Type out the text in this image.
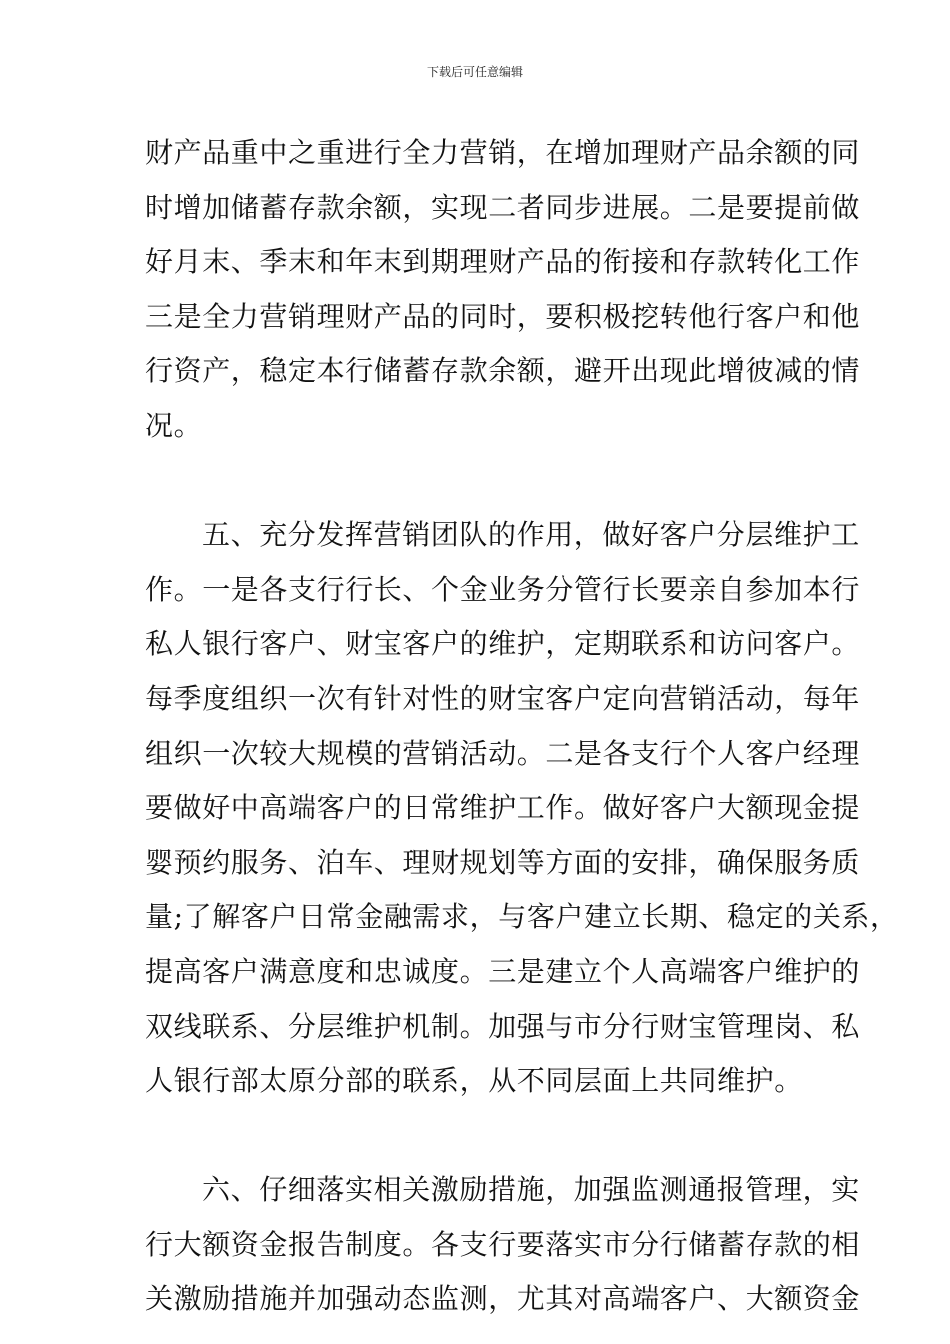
下载后可任意编辑
财产品重中之重进行全力营销，在增加理财产品余额的同
时增加储蓄存款余额，实现二者同步进展。二是要提前做
好月末、季末和年末到期理财产品的衔接和存款转化工作
三是全力营销理财产品的同时，要积极挖转他行客户和他
行资产，稳定本行储蓄存款余额，避开出现此增彼减的情
况。
五、充分发挥营销团队的作用，做好客户分层维护工
作。一是各支行行长、个金业务分管行长要亲自参加本行
私人银行客户、财宝客户的维护，定期联系和访问客户。
每季度组织一次有针对性的财宝客户定向营销活动，每年
组织一次较大规模的营销活动。二是各支行个人客户经理
要做好中高端客户的日常维护工作。做好客户大额现金提
婴预约服务、泊车、理财规划等方面的安排，确保服务质
量;了解客户日常金融需求，与客户建立长期、稳定的关系，
提高客户满意度和忠诚度。三是建立个人高端客户维护的
双线联系、分层维护机制。加强与市分行财宝管理岗、私
人银行部太原分部的联系，从不同层面上共同维护。
六、仔细落实相关激励措施，加强监测通报管理，实
行大额资金报告制度。各支行要落实市分行储蓄存款的相
关激励措施并加强动态监测，尤其对高端客户、大额资金
